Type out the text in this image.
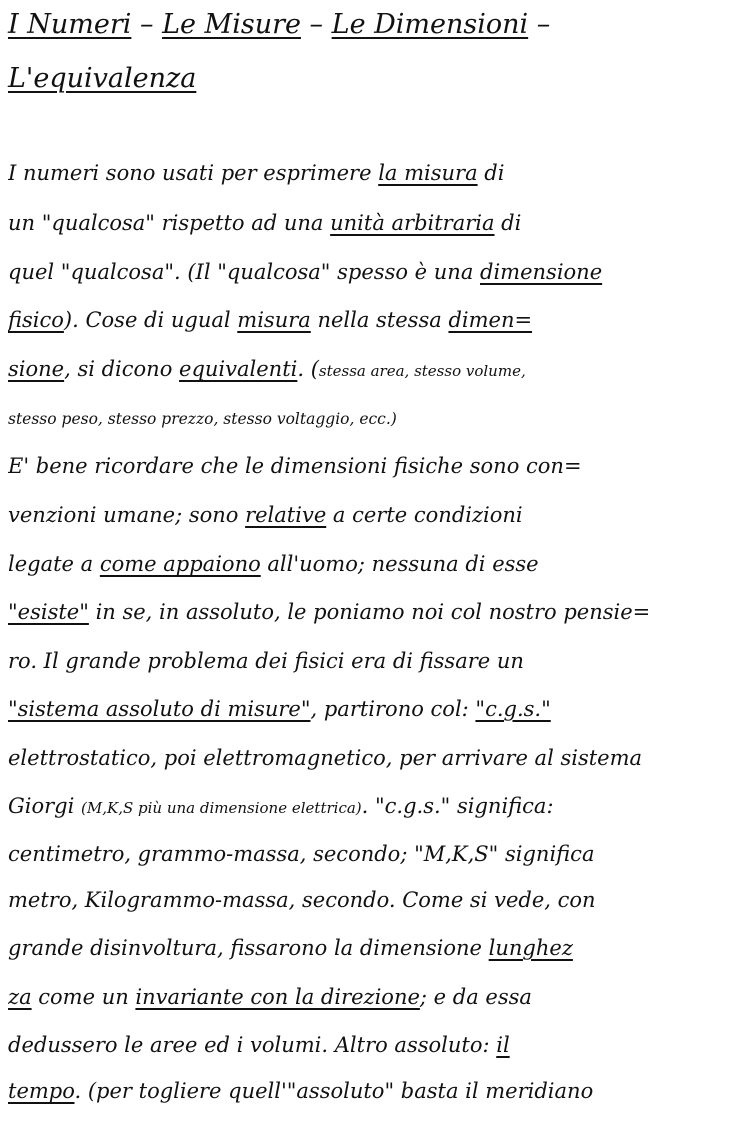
I Numeri – Le Misure – Le Dimensioni –
L'equivalenza
I numeri sono usati per esprimere la misura di
un "qualcosa" rispetto ad una unità arbitraria di
quel "qualcosa". (Il "qualcosa" spesso è una dimensione
fisico). Cose di ugual misura nella stessa dimen=
sione, si dicono equivalenti. (stessa area, stesso volume,
stesso peso, stesso prezzo, stesso voltaggio, ecc.)
E' bene ricordare che le dimensioni fisiche sono con=
venzioni umane; sono relative a certe condizioni
legate a come appaiono all'uomo; nessuna di esse
"esiste" in se, in assoluto, le poniamo noi col nostro pensie=
ro. Il grande problema dei fisici era di fissare un
"sistema assoluto di misure", partirono col: "c.g.s."
elettrostatico, poi elettromagnetico, per arrivare al sistema
Giorgi (M,K,S più una dimensione elettrica). "c.g.s." significa:
centimetro, grammo-massa, secondo; "M,K,S" significa
metro, Kilogrammo-massa, secondo. Come si vede, con
grande disinvoltura, fissarono la dimensione lunghez
za come un invariante con la direzione; e da essa
dedussero le aree ed i volumi. Altro assoluto: il
tempo. (per togliere quell'"assoluto" basta il meridiano
